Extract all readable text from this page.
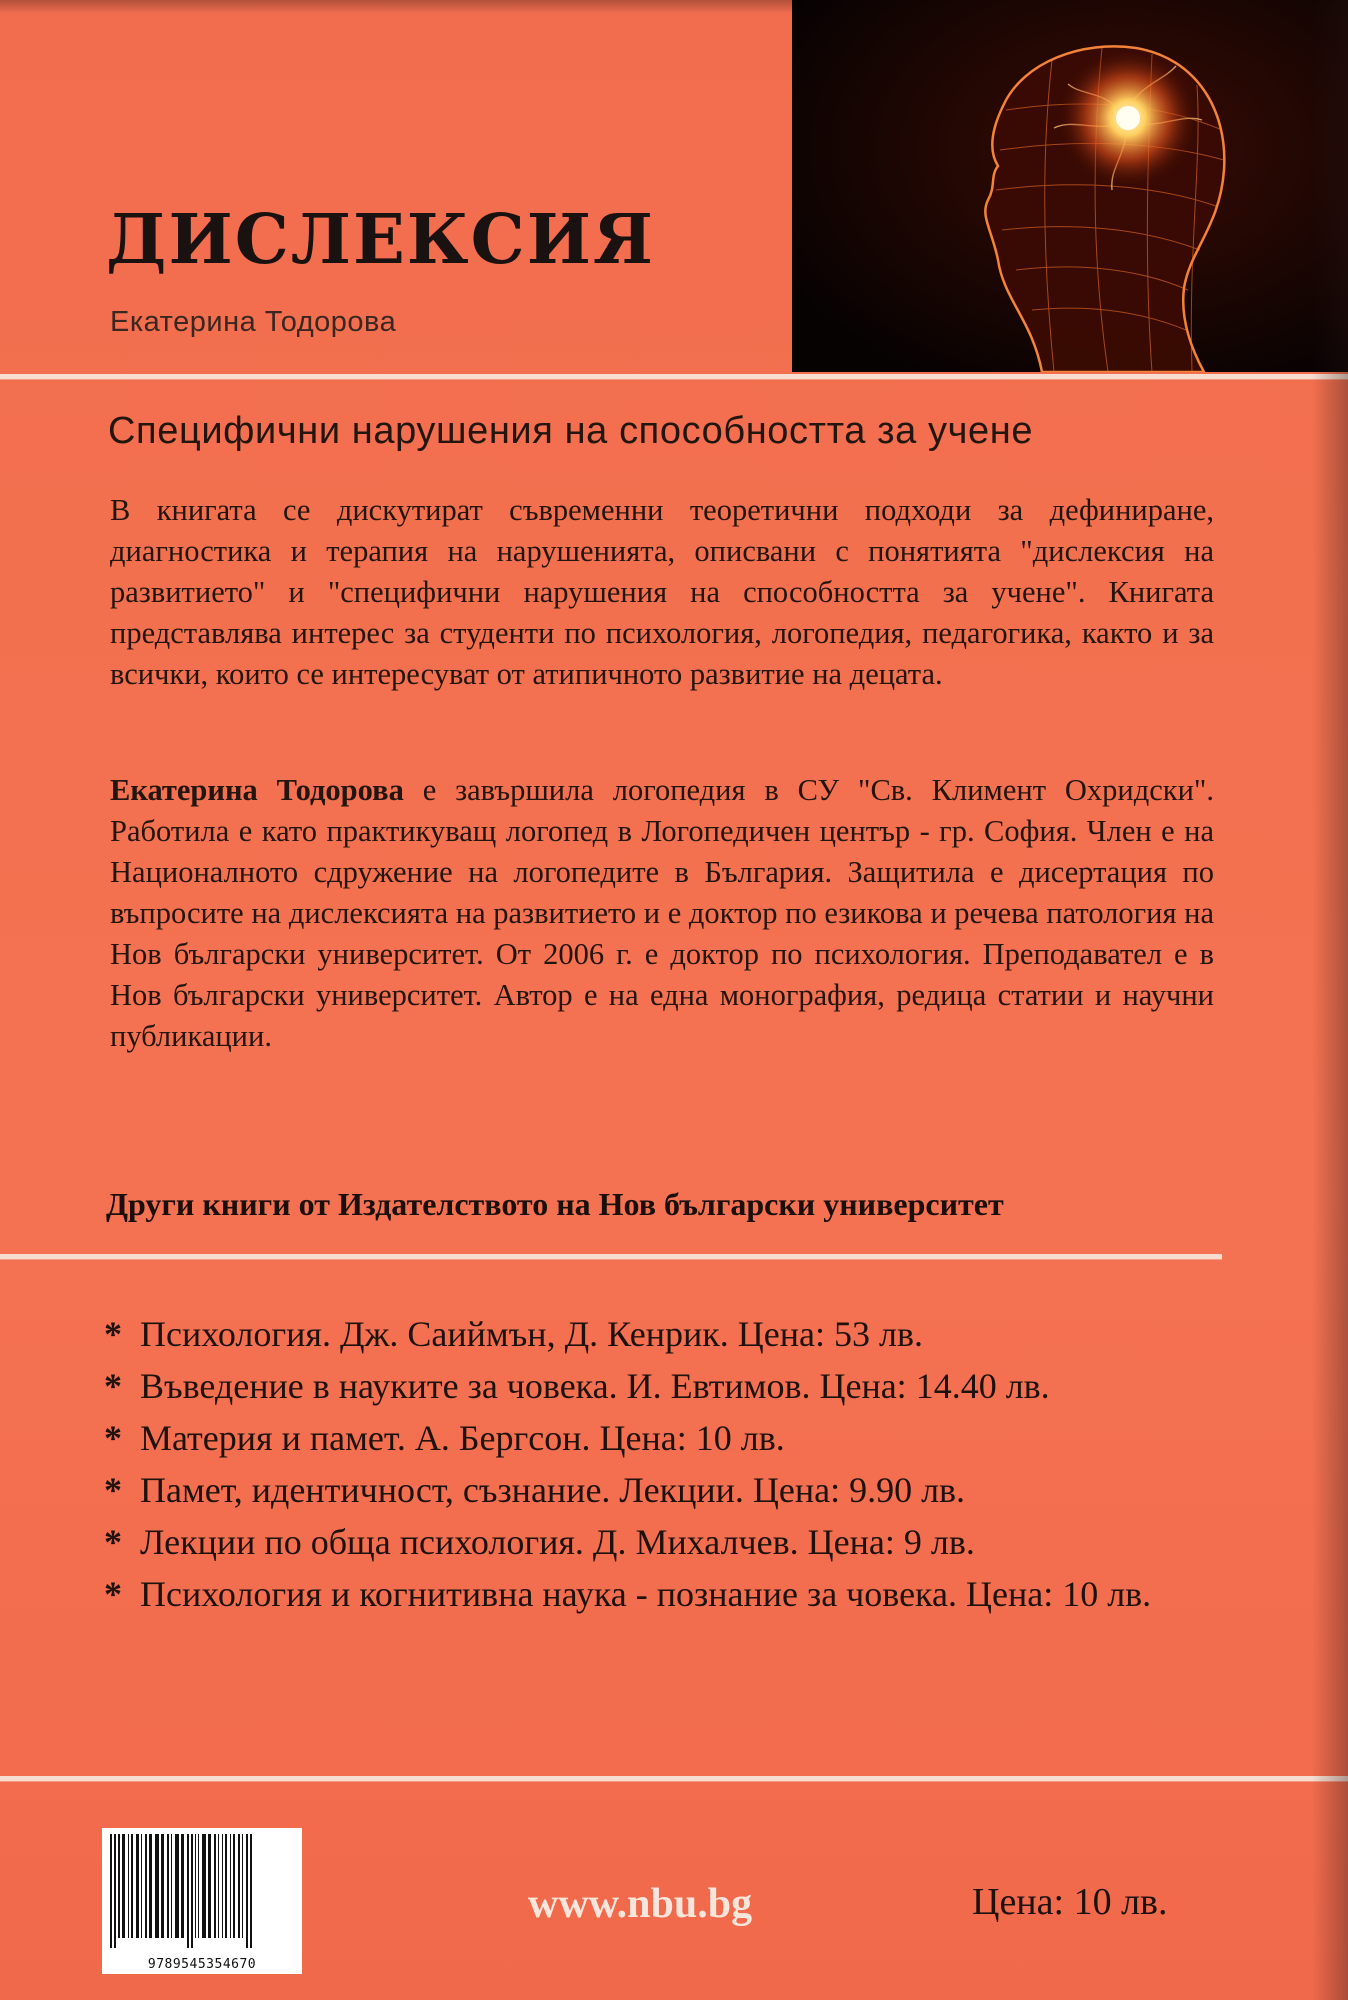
ДИСЛЕКСИЯ
Екатерина Тодорова
Специфични нарушения на способността за учене

В книгата се дискутират съвременни теоретични подходи за дефиниране, диагностика и терапия на нарушенията, описвани с понятията "дислексия на развитието" и "специфични нарушения на способността за учене". Книгата представлява интерес за студенти по психология, логопедия, педагогика, както и за всички, които се интересуват от атипичното развитие на децата.

Екатерина Тодорова е завършила логопедия в СУ "Св. Климент Охридски". Работила е като практикуващ логопед в Логопедичен център - гр. София. Член е на Националното сдружение на логопедите в България. Защитила е дисертация по въпросите на дислексията на развитието и е доктор по езикова и речева патология на Нов български университет. От 2006 г. е доктор по психология. Преподавател е в Нов български университет. Автор е на една монография, редица статии и научни публикации.

Други книги от Издателството на Нов български университет
* Психология. Дж. Саиймън, Д. Кенрик. Цена: 53 лв.
* Въведение в науките за човека. И. Евтимов. Цена: 14.40 лв.
* Материя и памет. А. Бергсон. Цена: 10 лв.
* Памет, идентичност, съзнание. Лекции. Цена: 9.90 лв.
* Лекции по обща психология. Д. Михалчев. Цена: 9 лв.
* Психология и когнитивна наука - познание за човека. Цена: 10 лв.
9789545354670
www.nbu.bg	Цена: 10 лв.
